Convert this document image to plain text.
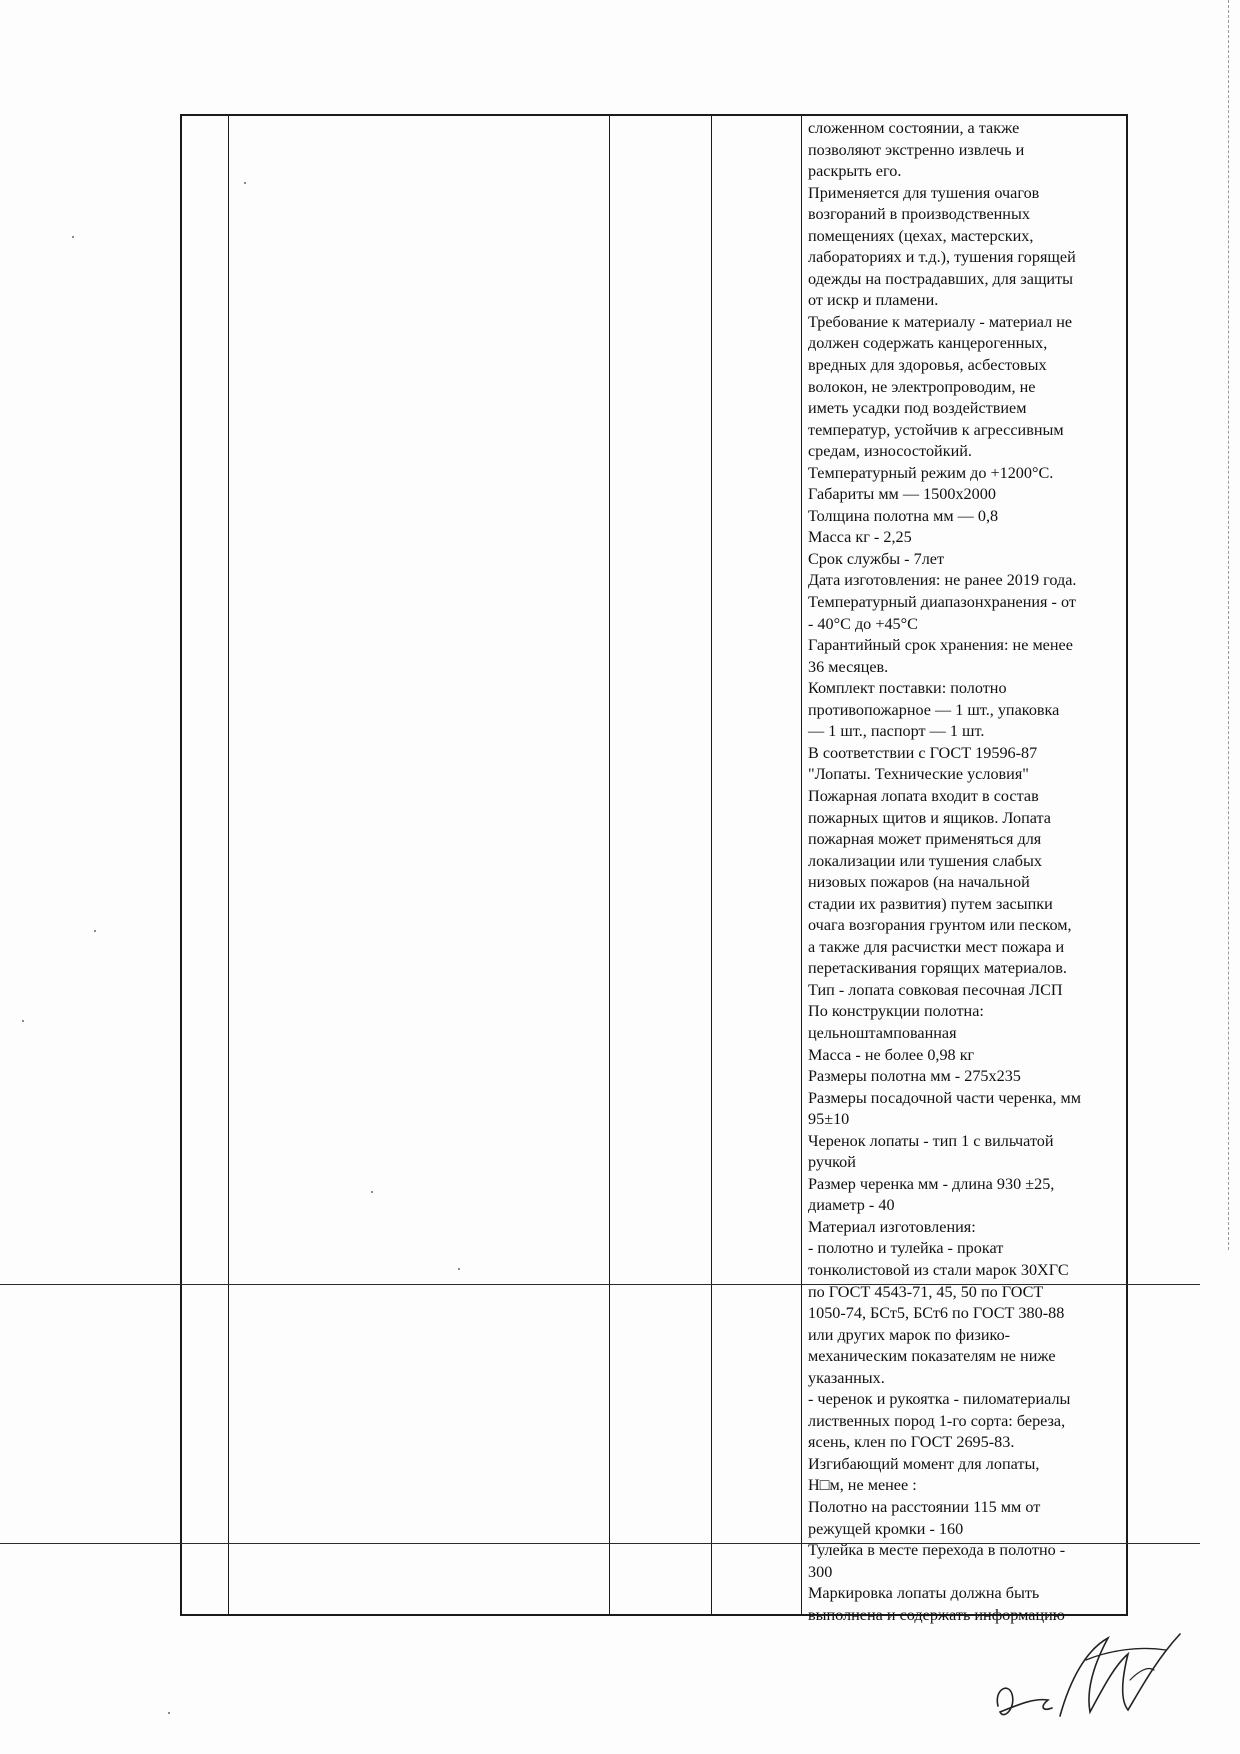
сложенном состоянии, а также
позволяют экстренно извлечь и
раскрыть его.
Применяется для тушения очагов
возгораний в производственных
помещениях (цехах, мастерских,
лабораториях и т.д.), тушения горящей
одежды на пострадавших, для защиты
от искр и пламени.
Требование к материалу - материал не
должен содержать канцерогенных,
вредных для здоровья, асбестовых
волокон, не электропроводим, не
иметь усадки под воздействием
температур, устойчив к агрессивным
средам, износостойкий.
Температурный режим до +1200°С.
Габариты мм — 1500х2000
Толщина полотна мм — 0,8
Масса кг - 2,25
Срок службы - 7лет
Дата изготовления: не ранее 2019 года.
Температурный диапазонхранения - от
- 40°С до +45°С
Гарантийный срок хранения: не менее
36 месяцев.
Комплект поставки: полотно
противопожарное — 1 шт., упаковка
— 1 шт., паспорт — 1 шт.
В соответствии с ГОСТ 19596-87
"Лопаты. Технические условия"
Пожарная лопата входит в состав
пожарных щитов и ящиков. Лопата
пожарная может применяться для
локализации или тушения слабых
низовых пожаров (на начальной
стадии их развития) путем засыпки
очага возгорания грунтом или песком,
а также для расчистки мест пожара и
перетаскивания горящих материалов.
Тип - лопата совковая песочная ЛСП
По конструкции полотна:
цельноштампованная
Масса - не более 0,98 кг
Размеры полотна мм - 275х235
Размеры посадочной части черенка, мм
95±10
Черенок лопаты - тип 1 с вильчатой
ручкой
Размер черенка мм - длина 930 ±25,
диаметр - 40
Материал изготовления:
- полотно и тулейка - прокат
тонколистовой из стали марок 30ХГС
по ГОСТ 4543-71, 45, 50 по ГОСТ
1050-74, БСт5, БСт6 по ГОСТ 380-88
или других марок по физико-
механическим показателям не ниже
указанных.
- черенок и рукоятка - пиломатериалы
лиственных пород 1-го сорта: береза,
ясень, клен по ГОСТ 2695-83.
Изгибающий момент для лопаты,
Н□м, не менее :
Полотно на расстоянии 115 мм от
режущей кромки - 160
Тулейка в месте перехода в полотно -
300
Маркировка лопаты должна быть
выполнена и содержать информацию
